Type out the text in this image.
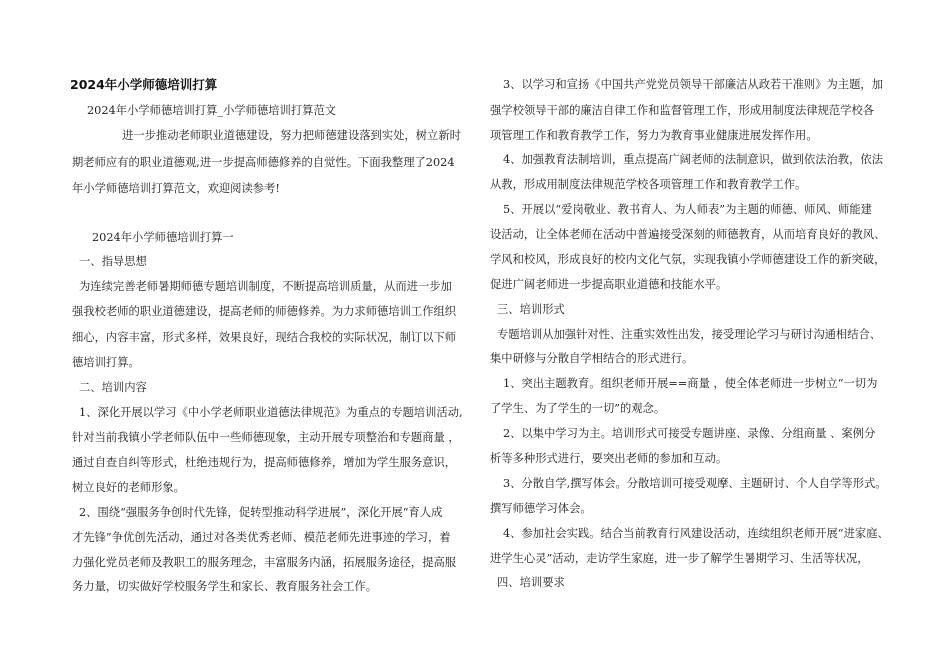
2024年小学师德培训打算
2024年小学师德培训打算_小学师德培训打算范文
进一步推动老师职业道德建设，努力把师德建设落到实处，树立新时
期老师应有的职业道德观,进一步提高师德修养的自觉性。下面我整理了2024
年小学师德培训打算范文，欢迎阅读参考!
2024年小学师德培训打算一
一、指导思想
为连续完善老师暑期师德专题培训制度，不断提高培训质量，从而进一步加
强我校老师的职业道德建设，提高老师的师德修养。为力求师德培训工作组织
细心，内容丰富，形式多样，效果良好，现结合我校的实际状况，制订以下师
德培训打算。
二、培训内容
1、深化开展以学习《中小学老师职业道德法律规范》为重点的专题培训活动,
针对当前我镇小学老师队伍中一些师德现象，主动开展专项整治和专题商量 ，
通过自查自纠等形式，杜绝违规行为，提高师德修养，增加为学生服务意识，
树立良好的老师形象。
2、围绕“强服务争创时代先锋，促转型推动科学进展”，深化开展“育人成
才先锋”争优创先活动，通过对各类优秀老师、模范老师先进事迹的学习，着
力强化党员老师及教职工的服务理念，丰富服务内涵，拓展服务途径，提高服
务力量，切实做好学校服务学生和家长、教育服务社会工作。
3、以学习和宣扬《中国共产党党员领导干部廉洁从政若干准则》为主题，加
强学校领导干部的廉洁自律工作和监督管理工作，形成用制度法律规范学校各
项管理工作和教育教学工作，努力为教育事业健康进展发挥作用。
4、加强教育法制培训，重点提高广阔老师的法制意识，做到依法治教，依法
从教，形成用制度法律规范学校各项管理工作和教育教学工作。
5、开展以“爱岗敬业、教书育人、为人师表”为主题的师德、师风、师能建
设活动，让全体老师在活动中普遍接受深刻的师德教育，从而培育良好的教风、
学风和校风，形成良好的校内文化气氛，实现我镇小学师德建设工作的新突破，
促进广阔老师进一步提高职业道德和技能水平。
三、培训形式
专题培训从加强针对性、注重实效性出发，接受理论学习与研讨沟通相结合、
集中研修与分散自学相结合的形式进行。
1、突出主题教育。组织老师开展==商量 ，使全体老师进一步树立“一切为
了学生、为了学生的一切”的观念。
2、以集中学习为主。培训形式可接受专题讲座、录像、分组商量 、案例分
析等多种形式进行，要突出老师的参加和互动。
3、分散自学,撰写体会。分散培训可接受观摩、主题研讨、个人自学等形式。
撰写师德学习体会。
4、参加社会实践。结合当前教育行风建设活动，连续组织老师开展“进家庭、
进学生心灵”活动，走访学生家庭，进一步了解学生暑期学习、生活等状况，
四、培训要求
